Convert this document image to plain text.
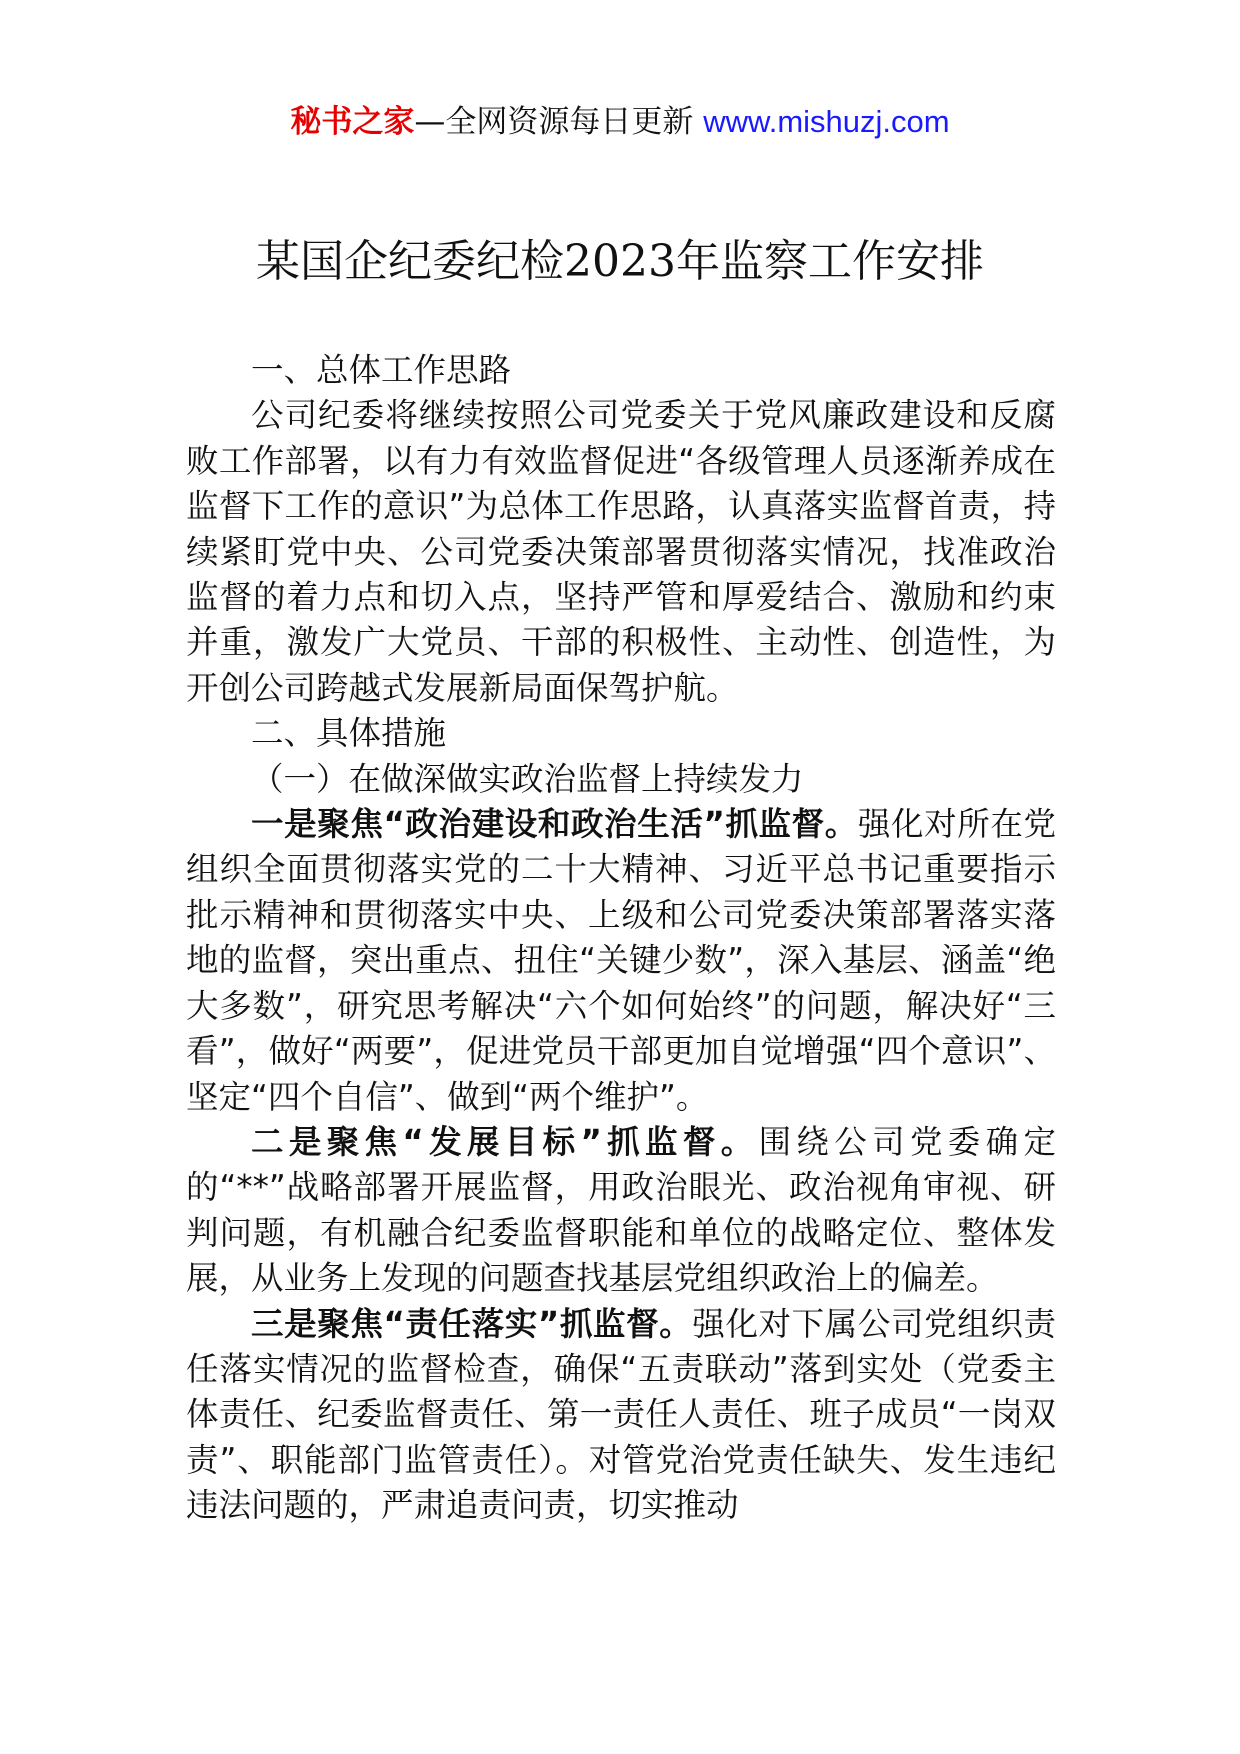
秘书之家—全网资源每日更新 www.mishuzj.com
某国企纪委纪检2023年监察工作安排

一、总体工作思路

公司纪委将继续按照公司党委关于党风廉政建设和反腐败工作部署，以有力有效监督促进“各级管理人员逐渐养成在监督下工作的意识”为总体工作思路，认真落实监督首责，持续紧盯党中央、公司党委决策部署贯彻落实情况，找准政治监督的着力点和切入点，坚持严管和厚爱结合、激励和约束并重，激发广大党员、干部的积极性、主动性、创造性，为开创公司跨越式发展新局面保驾护航。

二、具体措施

（一）在做深做实政治监督上持续发力

一是聚焦“政治建设和政治生活”抓监督。强化对所在党组织全面贯彻落实党的二十大精神、习近平总书记重要指示批示精神和贯彻落实中央、上级和公司党委决策部署落实落地的监督，突出重点、扭住“关键少数”，深入基层、涵盖“绝大多数”，研究思考解决“六个如何始终”的问题，解决好“三看”，做好“两要”，促进党员干部更加自觉增强“四个意识”、坚定“四个自信”、做到“两个维护”。

二是聚焦“发展目标”抓监督。围绕公司党委确定的“**”战略部署开展监督，用政治眼光、政治视角审视、研判问题，有机融合纪委监督职能和单位的战略定位、整体发展，从业务上发现的问题查找基层党组织政治上的偏差。

三是聚焦“责任落实”抓监督。强化对下属公司党组织责任落实情况的监督检查，确保“五责联动”落到实处（党委主体责任、纪委监督责任、第一责任人责任、班子成员“一岗双责”、职能部门监管责任）。对管党治党责任缺失、发生违纪违法问题的，严肃追责问责，切实推动
